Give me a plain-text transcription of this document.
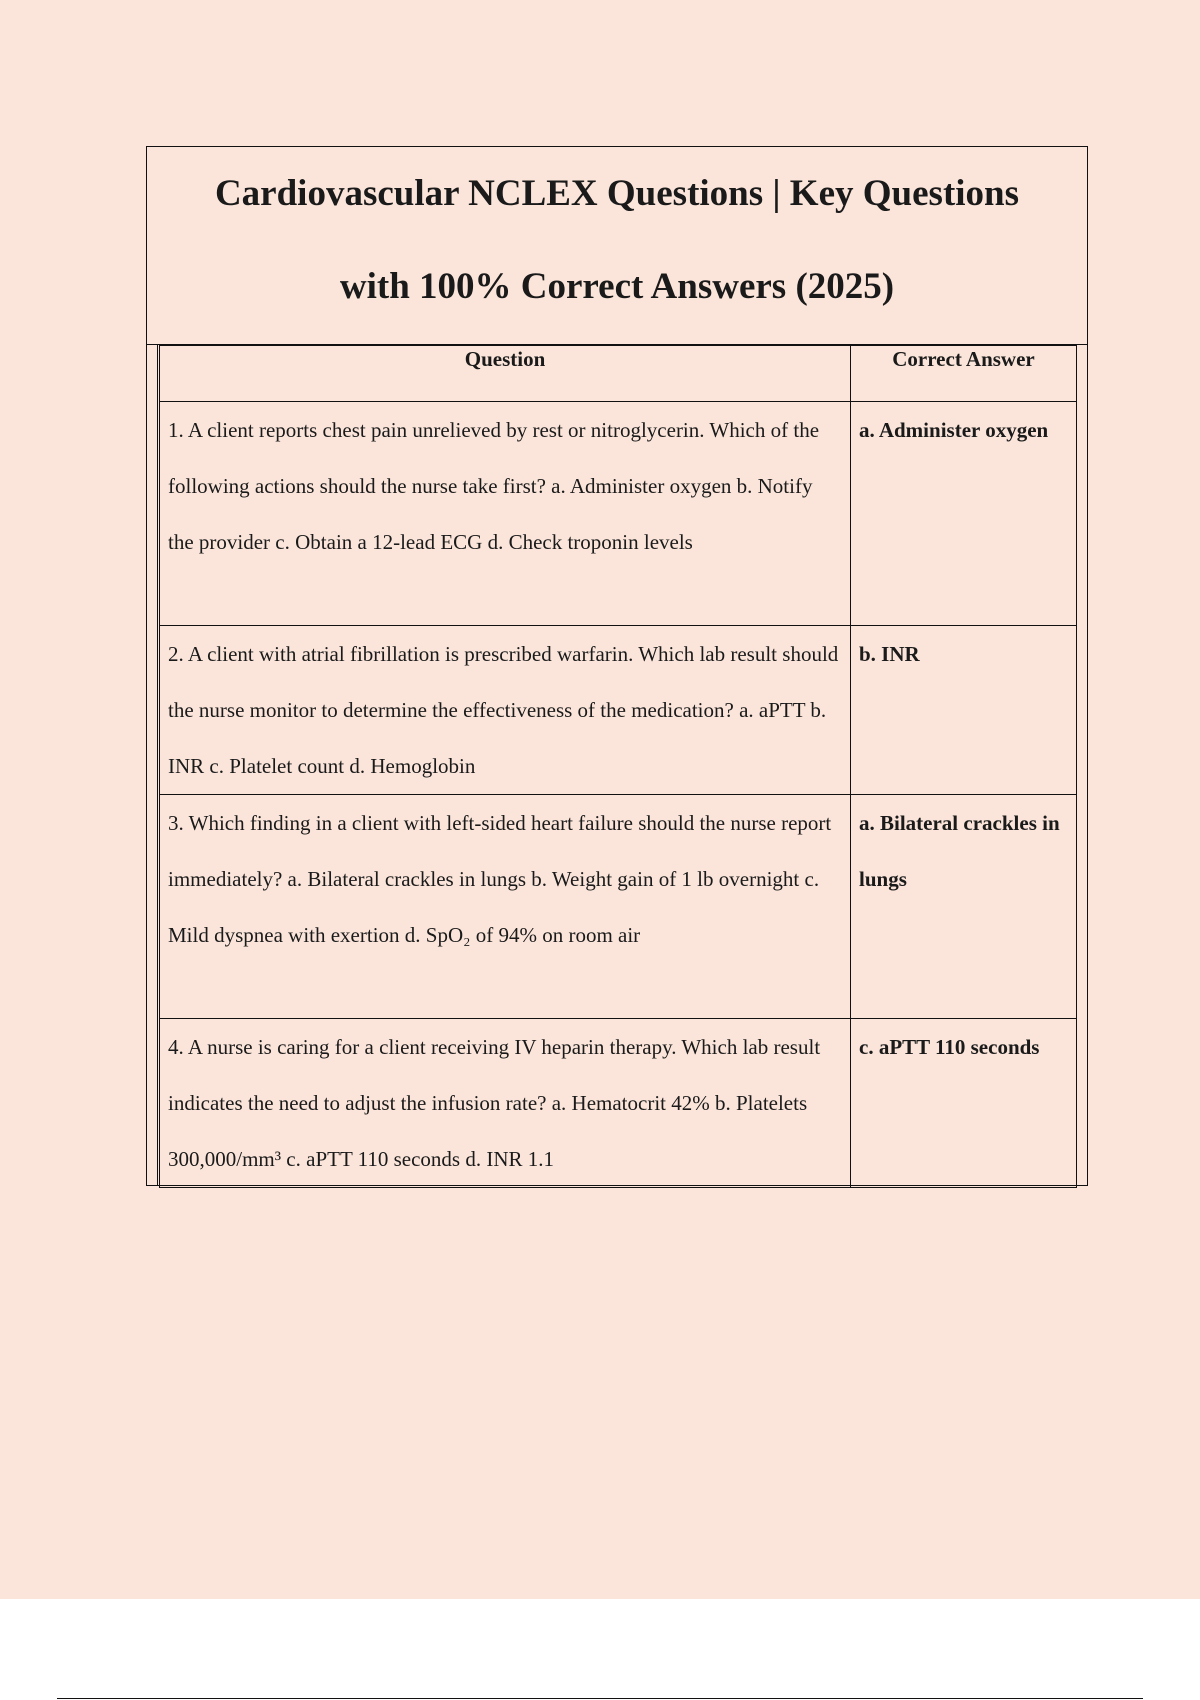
Cardiovascular NCLEX Questions | Key Questions
with 100% Correct Answers (2025)
Question	Correct Answer
1. A client reports chest pain unrelieved by rest or nitroglycerin. Which of the following actions should the nurse take first? a. Administer oxygen b. Notify the provider c. Obtain a 12-lead ECG d. Check troponin levels	a. Administer oxygen
2. A client with atrial fibrillation is prescribed warfarin. Which lab result should the nurse monitor to determine the effectiveness of the medication? a. aPTT b. INR c. Platelet count d. Hemoglobin	b. INR
3. Which finding in a client with left-sided heart failure should the nurse report immediately? a. Bilateral crackles in lungs b. Weight gain of 1 lb overnight c. Mild dyspnea with exertion d. SpO₂ of 94% on room air	a. Bilateral crackles in lungs
4. A nurse is caring for a client receiving IV heparin therapy. Which lab result indicates the need to adjust the infusion rate? a. Hematocrit 42% b. Platelets 300,000/mm³ c. aPTT 110 seconds d. INR 1.1	c. aPTT 110 seconds
